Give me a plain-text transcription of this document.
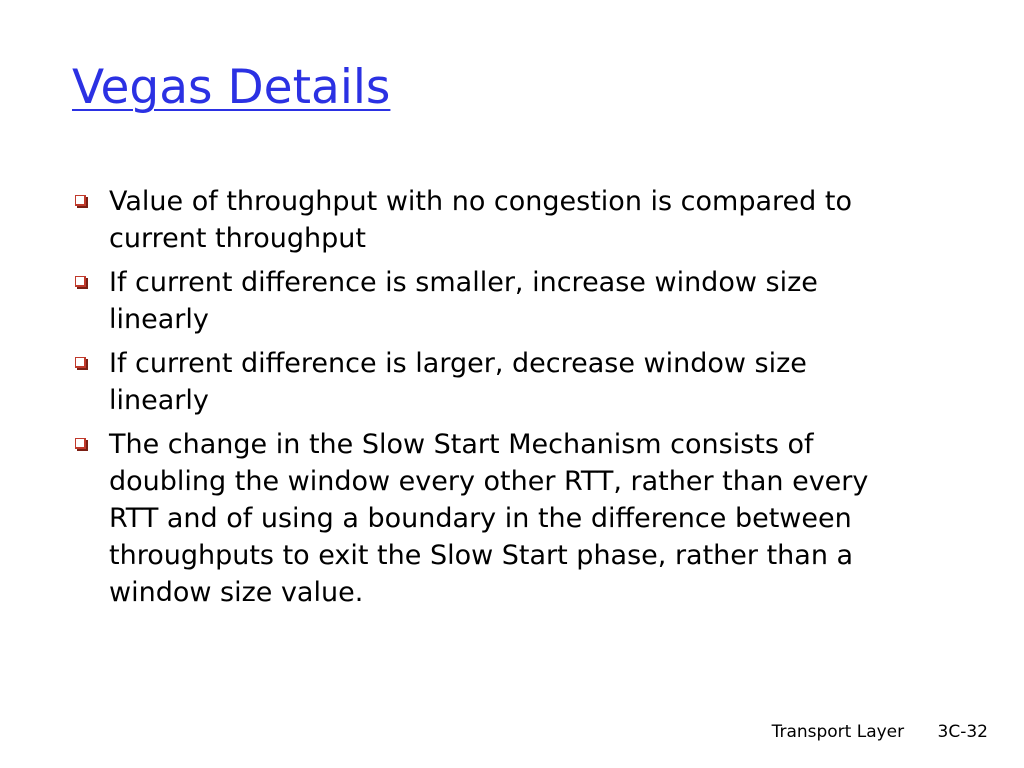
Vegas Details
Value of throughput with no congestion is compared to current throughput
If current difference is smaller, increase window size linearly
If current difference is larger, decrease window size linearly
The change in the Slow Start Mechanism consists of doubling the window every other RTT, rather than every RTT and of using a boundary in the difference between throughputs to exit the Slow Start phase, rather than a window size value.
Transport Layer 3C-32
